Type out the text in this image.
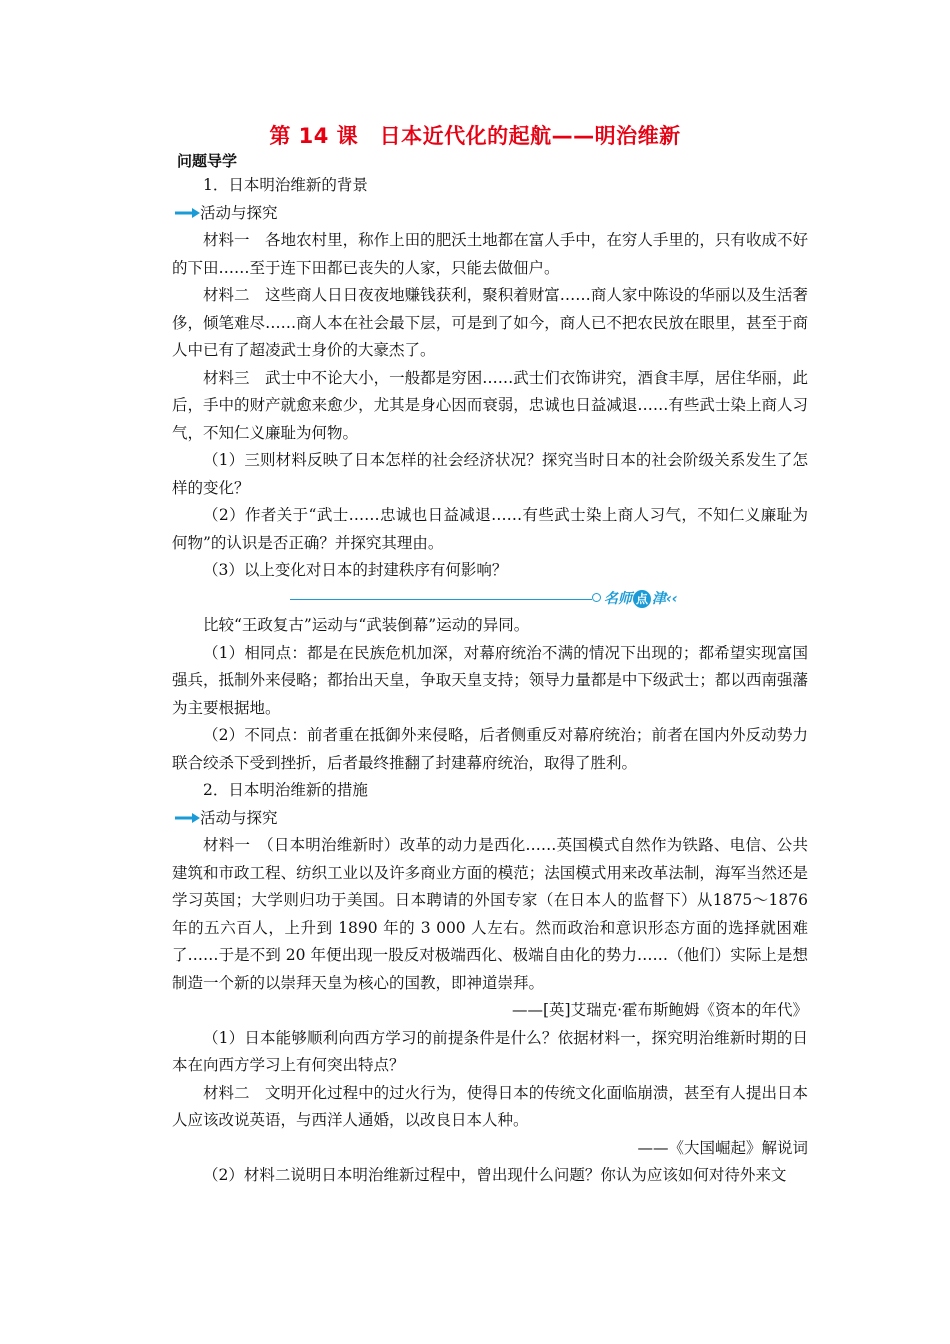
第 14 课　日本近代化的起航——明治维新
问题导学

1．日本明治维新的背景

活动与探究

材料一　各地农村里，称作上田的肥沃土地都在富人手中，在穷人手里的，只有收成不好的下田……至于连下田都已丧失的人家，只能去做佃户。

材料二　这些商人日日夜夜地赚钱获利，聚积着财富……商人家中陈设的华丽以及生活奢侈，倾笔难尽……商人本在社会最下层，可是到了如今，商人已不把农民放在眼里，甚至于商人中已有了超凌武士身价的大豪杰了。

材料三　武士中不论大小，一般都是穷困……武士们衣饰讲究，酒食丰厚，居住华丽，此后，手中的财产就愈来愈少，尤其是身心因而衰弱，忠诚也日益减退……有些武士染上商人习气，不知仁义廉耻为何物。

（1）三则材料反映了日本怎样的社会经济状况？探究当时日本的社会阶级关系发生了怎样的变化？

（2）作者关于“武士……忠诚也日益减退……有些武士染上商人习气，不知仁义廉耻为何物”的认识是否正确？并探究其理由。

（3）以上变化对日本的封建秩序有何影响？

名师 点 津‹‹

比较“王政复古”运动与“武装倒幕”运动的异同。

（1）相同点：都是在民族危机加深，对幕府统治不满的情况下出现的；都希望实现富国强兵，抵制外来侵略；都抬出天皇，争取天皇支持；领导力量都是中下级武士；都以西南强藩为主要根据地。

（2）不同点：前者重在抵御外来侵略，后者侧重反对幕府统治；前者在国内外反动势力联合绞杀下受到挫折，后者最终推翻了封建幕府统治，取得了胜利。

2．日本明治维新的措施

活动与探究

材料一　（日本明治维新时）改革的动力是西化……英国模式自然作为铁路、电信、公共建筑和市政工程、纺织工业以及许多商业方面的模范；法国模式用来改革法制，海军当然还是学习英国；大学则归功于美国。日本聘请的外国专家（在日本人的监督下）从1875～1876 年的五六百人，上升到 1890 年的 3 000 人左右。然而政治和意识形态方面的选择就困难了……于是不到 20 年便出现一股反对极端西化、极端自由化的势力……（他们）实际上是想制造一个新的以崇拜天皇为核心的国教，即神道崇拜。

——[英]艾瑞克·霍布斯鲍姆《资本的年代》

（1）日本能够顺利向西方学习的前提条件是什么？依据材料一，探究明治维新时期的日本在向西方学习上有何突出特点？

材料二　文明开化过程中的过火行为，使得日本的传统文化面临崩溃，甚至有人提出日本人应该改说英语，与西洋人通婚，以改良日本人种。

——《大国崛起》解说词

（2）材料二说明日本明治维新过程中，曾出现什么问题？你认为应该如何对待外来文
